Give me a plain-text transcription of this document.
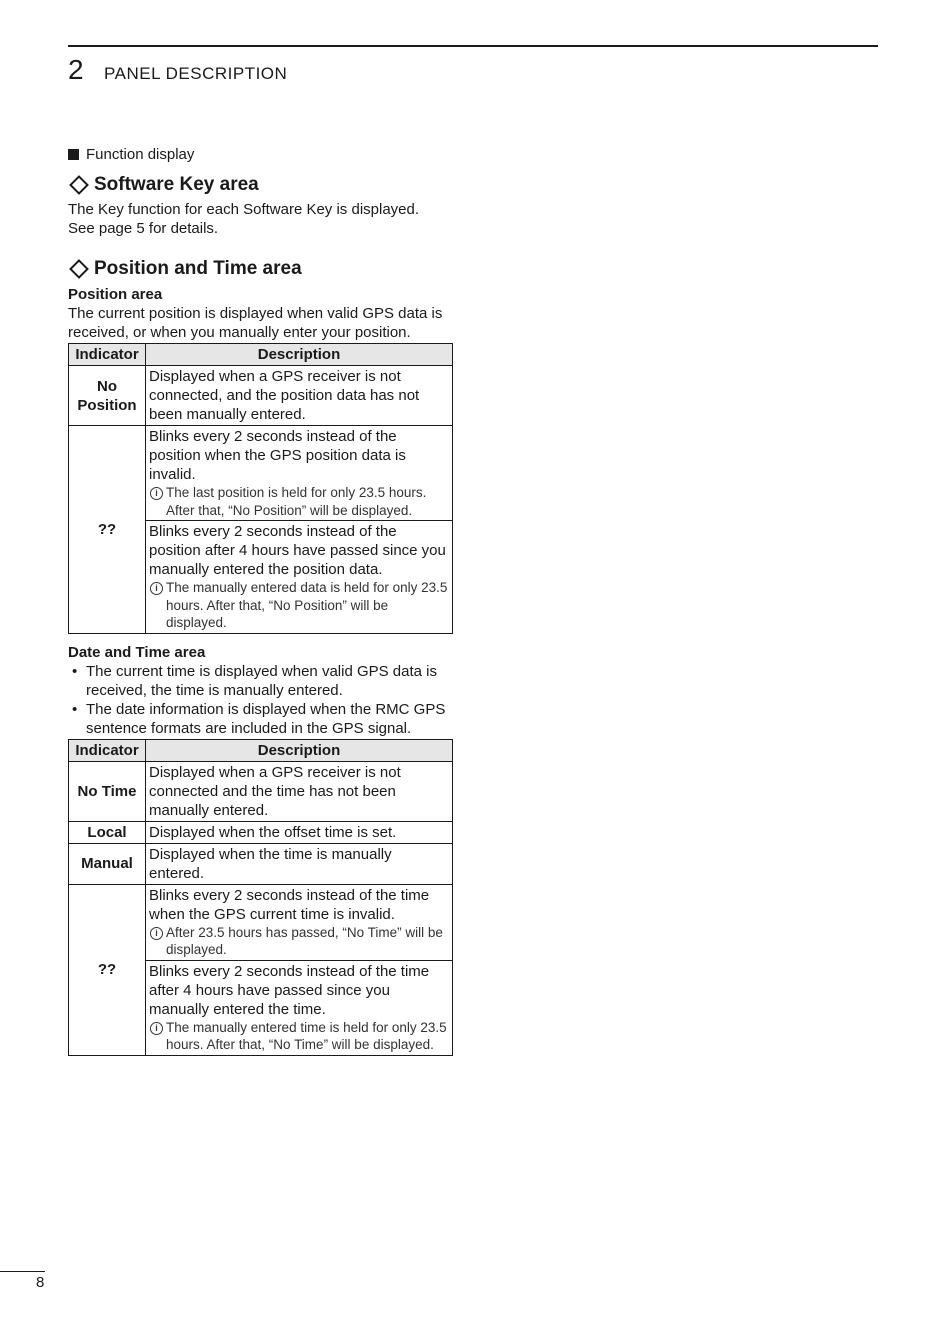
2 PANEL DESCRIPTION
Function display
Software Key area

The Key function for each Software Key is displayed.
See page 5 for details.

Position and Time area
Position area

The current position is displayed when valid GPS data is received, or when you manually enter your position.

Indicator	Description
No
Position	Displayed when a GPS receiver is not connected, and the position data has not been manually entered.
??	Blinks every 2 seconds instead of the position when the GPS position data is invalid.
i The last position is held for only 23.5 hours. After that, “No Position” will be displayed.

	Blinks every 2 seconds instead of the position after 4 hours have passed since you manually entered the position data.
i The manually entered data is held for only 23.5 hours. After that, “No Position” will be displayed.
Date and Time area
• The current time is displayed when valid GPS data is received, the time is manually entered.
• The date information is displayed when the RMC GPS sentence formats are included in the GPS signal.
Indicator	Description
No Time	Displayed when a GPS receiver is not connected and the time has not been manually entered.
Local	Displayed when the offset time is set.
Manual	Displayed when the time is manually entered.
??	Blinks every 2 seconds instead of the time when the GPS current time is invalid.
i After 23.5 hours has passed, “No Time” will be displayed.

	Blinks every 2 seconds instead of the time after 4 hours have passed since you manually entered the time.
i The manually entered time is held for only 23.5 hours. After that, “No Time” will be displayed.
8
